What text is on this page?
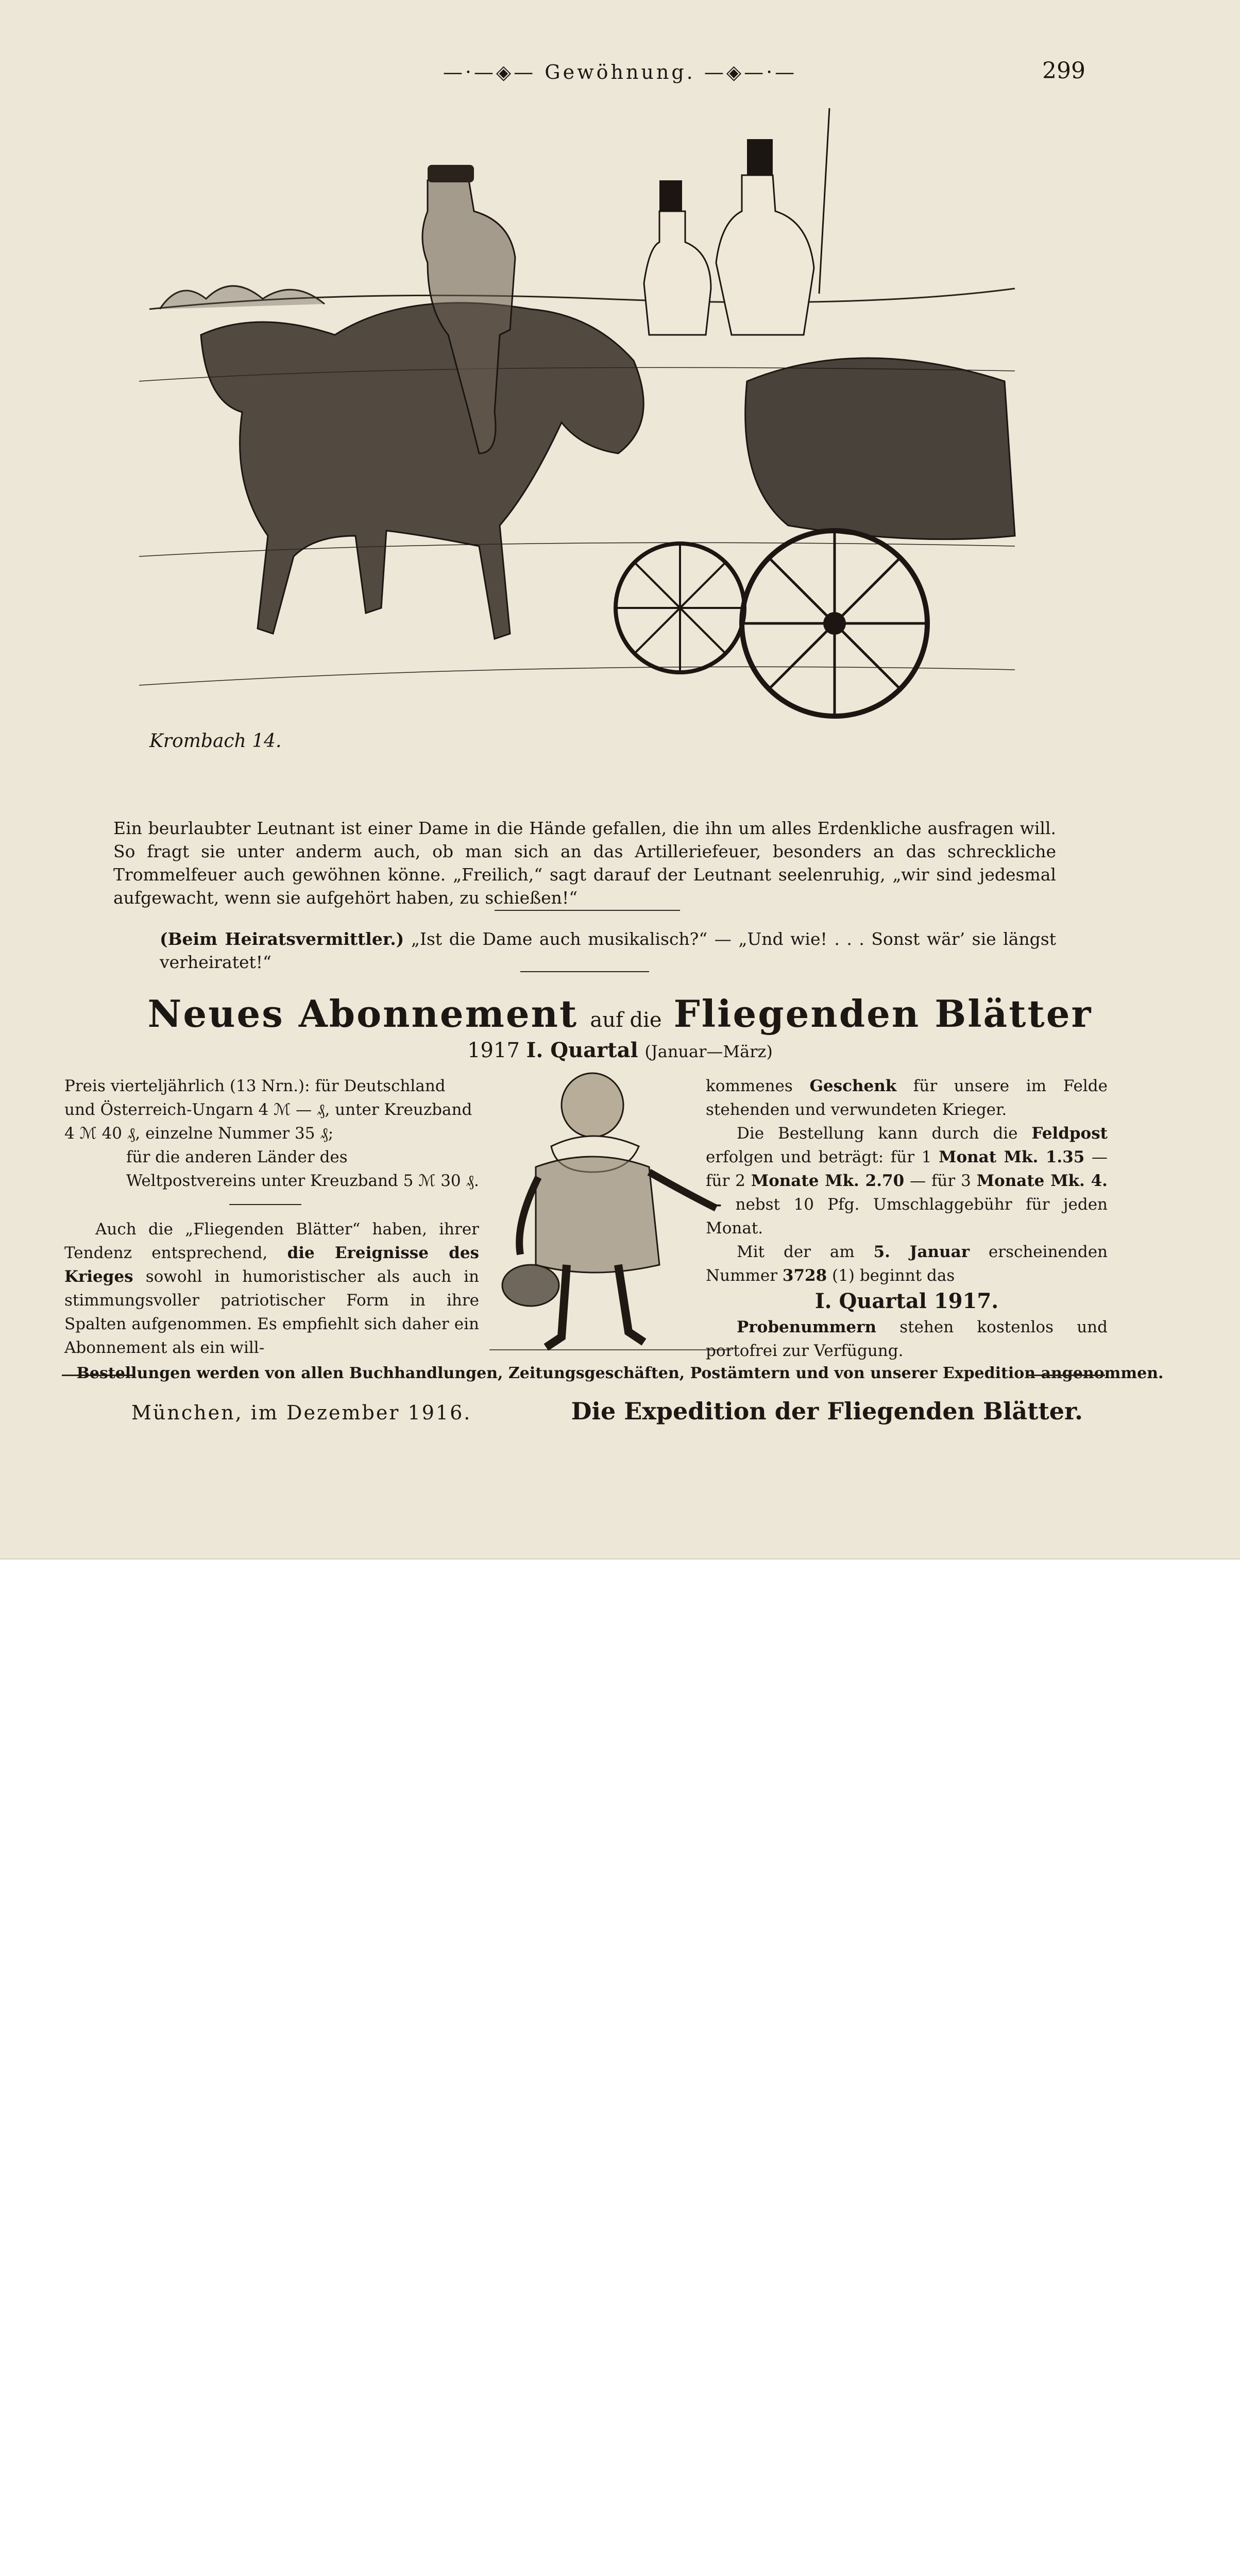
—·—◈— Gewöhnung. —◈—·—	299
Krombach 14.
Ein beurlaubter Leutnant ist einer Dame in die Hände gefallen, die ihn um alles Erdenkliche ausfragen will. So fragt sie unter anderm auch, ob man sich an das Artilleriefeuer, besonders an das schreckliche Trommelfeuer auch gewöhnen könne. „Freilich,“ sagt darauf der Leutnant seelenruhig, „wir sind jedesmal aufgewacht, wenn sie aufgehört haben, zu schießen!“
(Beim Heiratsvermittler.) „Ist die Dame auch musikalisch?“ — „Und wie! . . . Sonst wär’ sie längst verheiratet!“
Neues Abonnement auf die Fliegenden Blätter
1917 I. Quartal (Januar—März)

Preis vierteljährlich (13 Nrn.): für Deutschland und Österreich-Ungarn 4 ℳ — ₰, unter Kreuzband 4 ℳ 40 ₰, einzelne Nummer 35 ₰;

für die anderen Länder des Weltpostvereins unter Kreuzband 5 ℳ 30 ₰.

Auch die „Fliegenden Blätter“ haben, ihrer Tendenz entsprechend, die Ereignisse des Krieges sowohl in humoristischer als auch in stimmungsvoller patriotischer Form in ihre Spalten aufgenommen. Es empfiehlt sich daher ein Abonnement als ein will-

kommenes Geschenk für unsere im Felde stehenden und verwundeten Krieger.

Die Bestellung kann durch die Feldpost erfolgen und beträgt: für 1 Monat Mk. 1.35 — für 2 Monate Mk. 2.70 — für 3 Monate Mk. 4.— nebst 10 Pfg. Umschlaggebühr für jeden Monat.

Mit der am 5. Januar erscheinenden Nummer 3728 (1) beginnt das

I. Quartal 1917.

Probenummern stehen kostenlos und portofrei zur Verfügung.

Bestellungen werden von allen Buchhandlungen, Zeitungsgeschäften, Postämtern und von unserer Expedition angenommen.
München, im Dezember 1916.	Die Expedition der Fliegenden Blätter.
